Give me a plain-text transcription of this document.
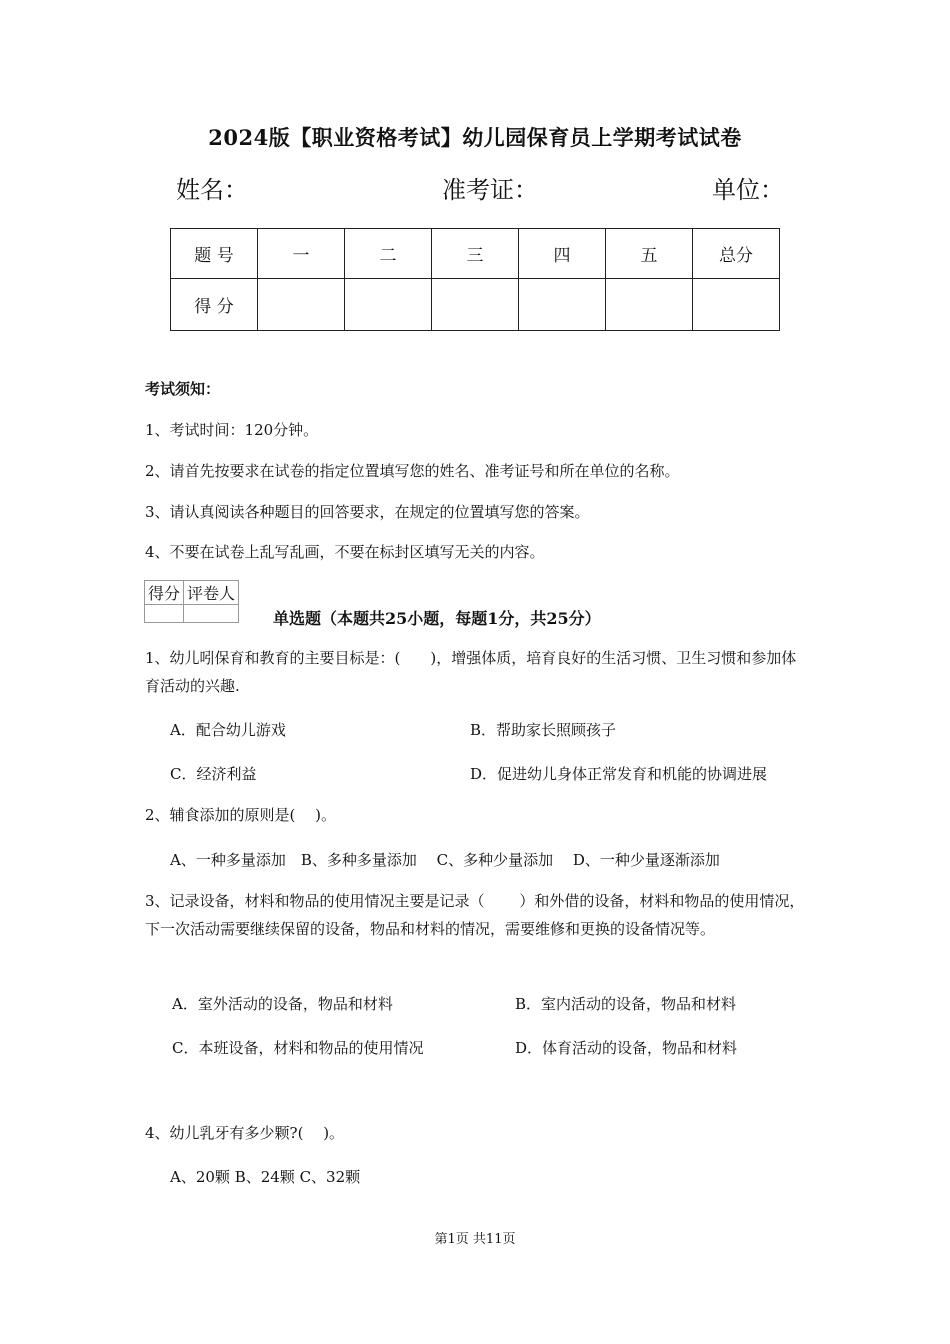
2024版【职业资格考试】幼儿园保育员上学期考试试卷
姓名：	准考证：	单位：
题 号	一	二	三	四	五	总分
得 分						
考试须知：
1、考试时间：120分钟。
2、请首先按要求在试卷的指定位置填写您的姓名、准考证号和所在单位的名称。
3、请认真阅读各种题目的回答要求，在规定的位置填写您的答案。
4、不要在试卷上乱写乱画，不要在标封区填写无关的内容。
得分	评卷人

单选题（本题共25小题，每题1分，共25分）
1、幼儿吲保育和教育的主要目标是：(　　)，增强体质，培育良好的生活习惯、卫生习惯和参加体育活动的兴趣.
A．配合幼儿游戏	B．帮助家长照顾孩子
C．经济利益	D．促进幼儿身体正常发育和机能的协调进展
2、辅食添加的原则是(　 )。
A、一种多量添加　B、多种多量添加　 C、多种少量添加　 D、一种少量逐渐添加
3、记录设备，材料和物品的使用情况主要是记录（　　 ）和外借的设备，材料和物品的使用情况，下一次活动需要继续保留的设备，物品和材料的情况，需要维修和更换的设备情况等。
A．室外活动的设备，物品和材料	B．室内活动的设备，物品和材料
C．本班设备，材料和物品的使用情况	D．体育活动的设备，物品和材料
4、幼儿乳牙有多少颗?(　 )。
A、20颗 B、24颗 C、32颗
第1页 共11页
